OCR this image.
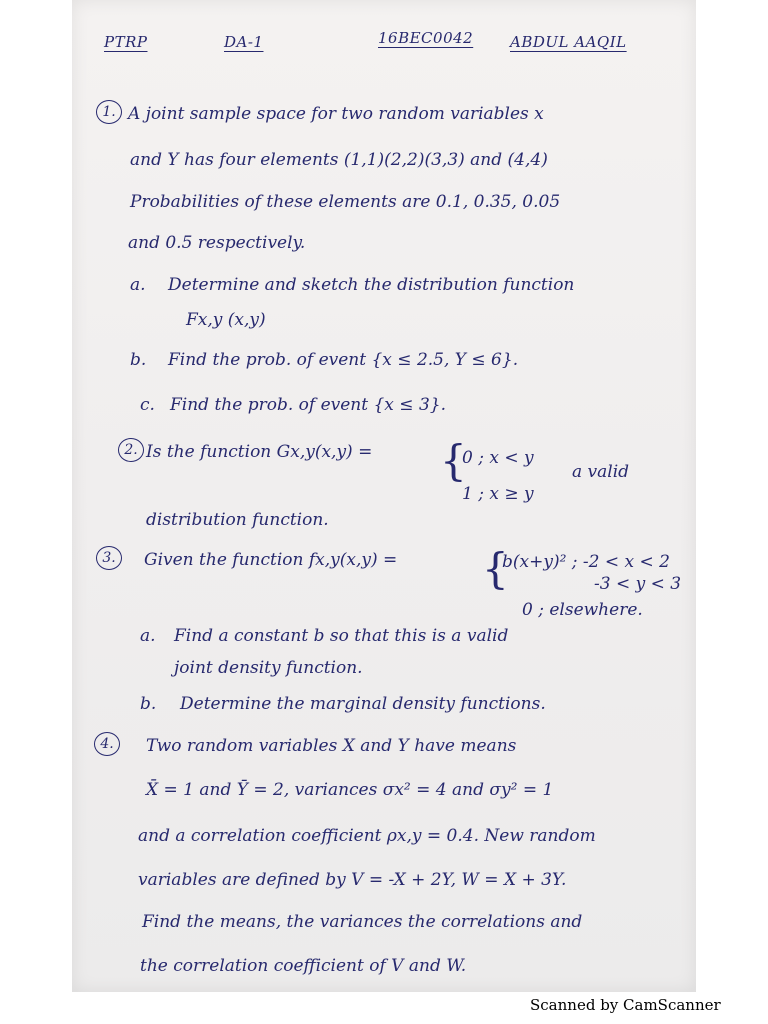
PTRP	DA-1	16BEC0042 ABDUL AAQIL
1. A joint sample space for two random variables x
and Y has four elements (1,1)(2,2)(3,3) and (4,4)
Probabilities of these elements are 0.1, 0.35, 0.05
and 0.5 respectively.
a. Determine and sketch the distribution function
Fx,y (x,y)
b. Find the prob. of event {x ≤ 2.5, Y ≤ 6}.
c. Find the prob. of event {x ≤ 3}.
2. Is the function Gx,y(x,y) = {
0 ; x < y
1 ; x ≥ y
a valid
distribution function.
3.	Given the function fx,y(x,y) = {
b(x+y)² ; -2 < x < 2
-3 < y < 3
0 ; elsewhere.
a. Find a constant b so that this is a valid
joint density function.
b. Determine the marginal density functions.
4.	Two random variables X and Y have means
X̄ = 1 and Ȳ = 2, variances σx² = 4 and σy² = 1
and a correlation coefficient ρx,y = 0.4. New random
variables are defined by V = -X + 2Y, W = X + 3Y.
Find the means, the variances the correlations and
the correlation coefficient of V and W.
Scanned by CamScanner
